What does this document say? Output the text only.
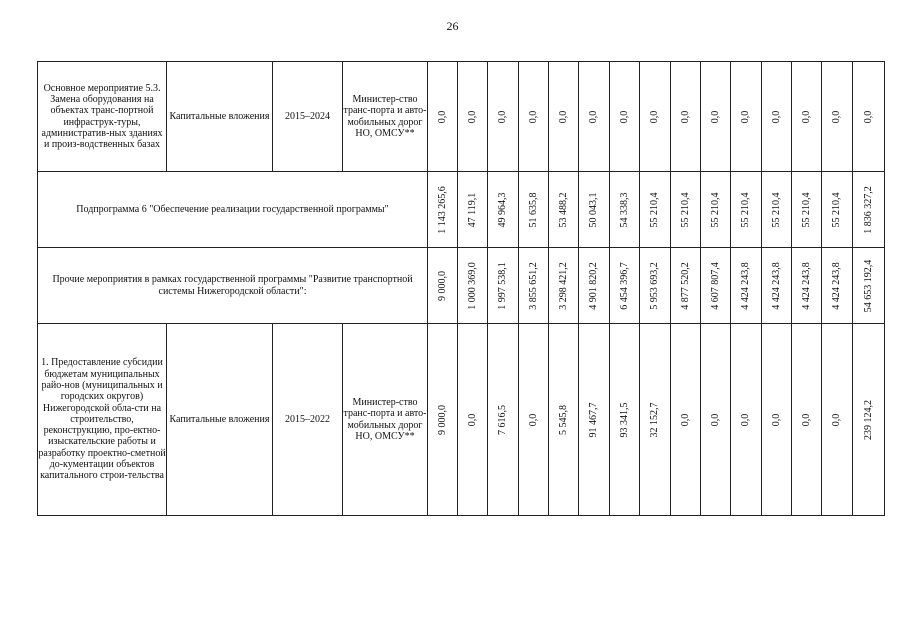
26
Основное мероприятие 5.3. Замена оборудования на объектах транс-портной инфраструк-туры, административ-ных зданиях и произ-водственных базах	Капитальные вложения	2015–2024	Министер-ство транс-порта и авто-мобильных дорог НО, ОМСУ**	0,0	0,0	0,0	0,0	0,0	0,0	0,0	0,0	0,0	0,0	0,0	0,0	0,0	0,0	0,0

Подпрограмма 6 "Обеспечение реализации государственной программы"				1 143 265,6	47 119,1	49 964,3	51 635,8	53 488,2	50 043,1	54 338,3	55 210,4	55 210,4	55 210,4	55 210,4	55 210,4	55 210,4	55 210,4	1 836 327,2

Прочие мероприятия в рамках государственной программы "Развитие транспортной системы Нижегородской области":				9 000,0	1 000 369,0	1 997 538,1	3 855 651,2	3 298 421,2	4 901 820,2	6 454 396,7	5 953 693,2	4 877 520,2	4 607 807,4	4 424 243,8	4 424 243,8	4 424 243,8	4 424 243,8	54 653 192,4

1. Предоставление субсидии бюджетам муниципальных райо-нов (муниципальных и городских округов) Нижегородской обла-сти на строительство, реконструкцию, про-ектно-изыскательские работы и разработку проектно-сметной до-кументации объектов капитального строи-тельства	Капитальные вложения	2015–2022	Министер-ство транс-порта и авто-мобильных дорог НО, ОМСУ**	9 000,0	0,0	7 616,5	0,0	5 545,8	91 467,7	93 341,5	32 152,7	0,0	0,0	0,0	0,0	0,0	0,0	239 124,2
